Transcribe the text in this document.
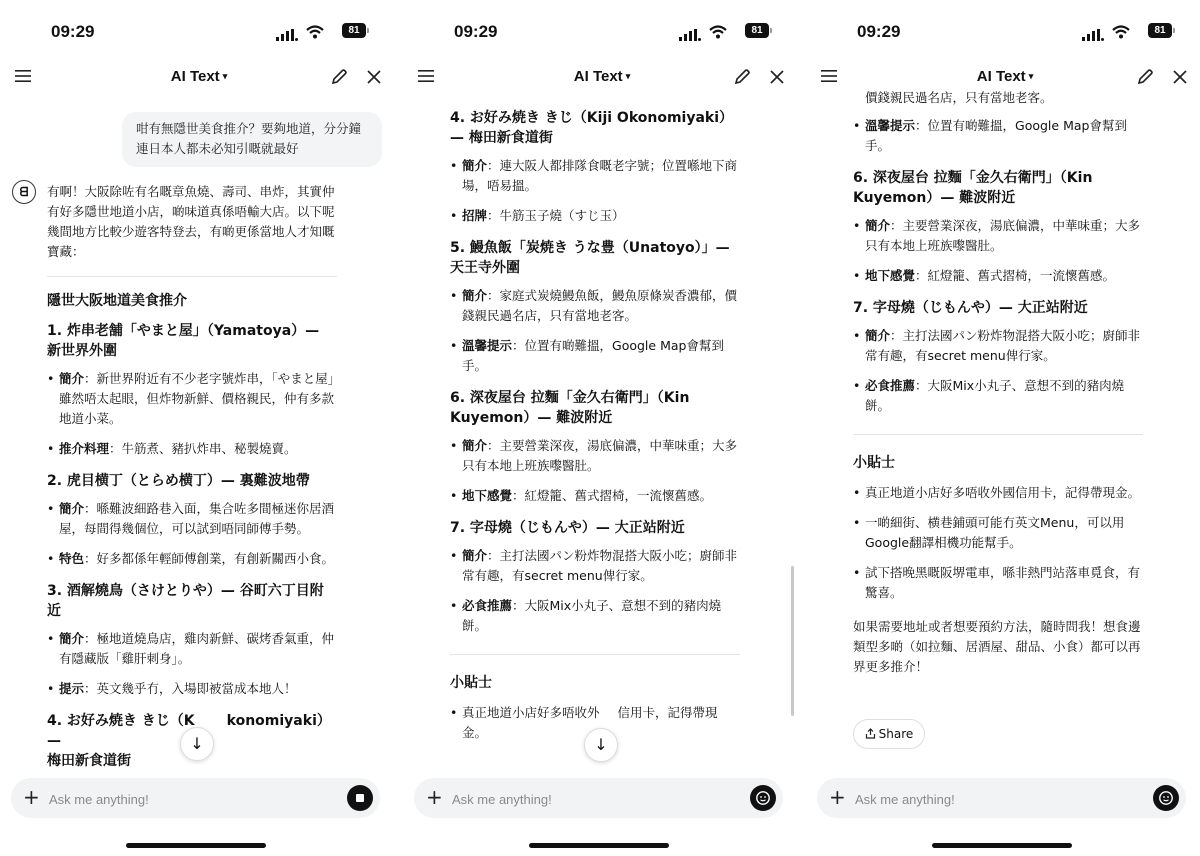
09:29	81
AI Text ▾
咁有無隱世美食推介？要夠地道，分分鐘連日本人都未必知引嘅就最好
ᗺ	有啊！大阪除咗有名嘅章魚燒、壽司、串炸，其實仲有好多隱世地道小店，啲味道真係唔輸大店。以下呢幾間地方比較少遊客特登去，有啲更係當地人才知嘅寶藏：

隱世大阪地道美食推介

1. 炸串老舗「やまと屋」（Yamatoya）— 新世界外圍

• 簡介：新世界附近有不少老字號炸串，「やまと屋」雖然唔太起眼，但炸物新鮮、價格親民，仲有多款地道小菜。
• 推介料理：牛筋煮、豬扒炸串、秘製燒賣。

2. 虎目横丁（とらめ横丁）— 裏難波地帶

• 簡介：喺難波細路巷入面，集合咗多間極迷你居酒屋，每間得幾個位，可以試到唔同師傅手勢。
• 特色：好多都係年輕師傅創業，有創新關西小食。

3. 酒解燒鳥（さけとりや）— 谷町六丁目附近

• 簡介：極地道燒鳥店，雞肉新鮮、碳烤香氣重，仲有隱藏版「雞肝刺身」。
• 提示：英文幾乎冇，入場即被當成本地人！

4. お好み焼き きじ（K konomiyaki）—
梅田新食道街

↓
+
Ask me anything!
09:29	81
AI Text ▾

4. お好み焼き きじ（Kiji Okonomiyaki）— 梅田新食道街

• 簡介：連大阪人都排隊食嘅老字號；位置喺地下商場，唔易搵。
• 招牌：牛筋玉子燒（すじ玉）

5. 鰻魚飯「炭焼き うな豊（Unatoyo）」— 天王寺外圍

• 簡介：家庭式炭燒鰻魚飯，鰻魚原條炭香濃郁，價錢親民過名店，只有當地老客。
• 溫馨提示：位置有啲難搵，Google Map會幫到手。

6. 深夜屋台 拉麵「金久右衛門」（Kin Kuyemon）— 難波附近

• 簡介：主要營業深夜，湯底偏濃，中華味重；大多只有本地上班族嚟醫肚。
• 地下感覺：紅燈籠、舊式摺椅，一流懷舊感。

7. 字母燒（じもんや）— 大正站附近

• 簡介：主打法國パン粉炸物混搭大阪小吃；廚師非常有趣，有secret menu俾行家。
• 必食推薦：大阪Mix小丸子、意想不到的豬肉燒餅。

小貼士

• 真正地道小店好多唔收外 信用卡，記得帶現
金。
↓
+
Ask me anything!
09:29	81
AI Text ▾

價錢親民過名店，只有當地老客。

• 溫馨提示：位置有啲難搵，Google Map會幫到手。

6. 深夜屋台 拉麵「金久右衛門」（Kin Kuyemon）— 難波附近

• 簡介：主要營業深夜，湯底偏濃，中華味重；大多只有本地上班族嚟醫肚。
• 地下感覺：紅燈籠、舊式摺椅，一流懷舊感。

7. 字母燒（じもんや）— 大正站附近

• 簡介：主打法國パン粉炸物混搭大阪小吃；廚師非常有趣，有secret menu俾行家。
• 必食推薦：大阪Mix小丸子、意想不到的豬肉燒餅。

小貼士

• 真正地道小店好多唔收外國信用卡，記得帶現金。
• 一啲細街、横巷鋪頭可能冇英文Menu，可以用Google翻譯相機功能幫手。
• 試下搭晚黑嘅阪堺電車，喺非熱門站落車覓食，有驚喜。

如果需要地址或者想要預約方法，隨時問我！想食邊類型多啲（如拉麵、居酒屋、甜品、小食）都可以再界更多推介！

Share
+
Ask me anything!
